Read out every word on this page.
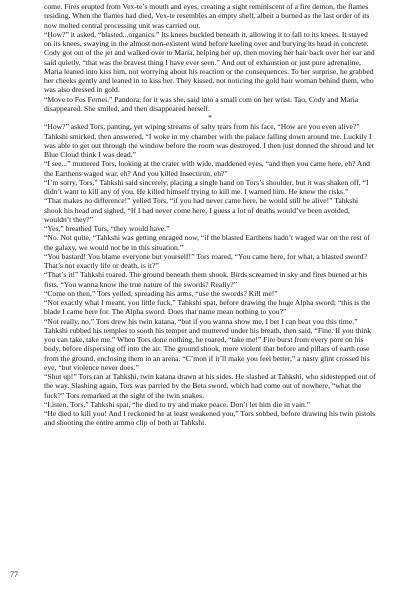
come. Fires erupted from Vex-te’s mouth and eyes, creating a sight reminiscent of a fire demon, the flames residing. When the flames had died, Vex-te resembles an empty shell, albeit a burned as the last order of its now melted central processing unit was carried out.

“How?” it asked, “blasted...organics.” Its knees buckled beneath it, allowing it to fall to its knees. It stayed on its knees, swaying in the almost non-existent wind before keeling over and burying its head in concrete. Cody got out of the jet and walked over to Maria, helping her up, then moving her hair back over her ear and said quietly, “that was the bravest thing I have ever seen.” And out of exhaustion or just pure adrenaline, Maria leaned into kiss him, not worrying about his reaction or the consequences. To her surprise, he grabbed her cheeks gently and leaned in to kiss her. They kissed, not noticing the gold hair woman behind them, who was also dressed in gold.

“Move to Fos Fernei.” Pandora, for it was she, said into a small com on her wrist. Tao, Cody and Maria disappeared. She smiled, and then disappeared herself.

*

“How?” asked Tors, panting, yet wiping streams of salty tears from his face, “How are you even alive?”

Tahkshi smirked, then answered, “I woke in my chamber with the palace falling down around me. Luckily I was able to get out through the window before the room was destroyed. I then just donned the shroud and let Blue Cloud think I was dead.”

“I see...” muttered Tors, looking at the crater with wide, maddened eyes, “and then you came here, eh? And the Earthens waged war, eh? And you killed Insectiron, eh?”

“I’m sorry, Tors,” Tahkshi said sincerely, placing a single hand on Tors’s shoulder, but it was shaken off, “I didn’t want to kill any of you. He killed himself trying to kill me. I warned him. He knew the risks.”

“That makes no difference!” yelled Tors, “if you had never came here, he would still be alive!” Tahkshi shook his head and sighed, “If I had never come here, I guess a lot of deaths would’ve been avoided, wouldn’t they?”

“Yes,” breathed Tors, “they would have.”

“No. Not quite, “Tahkshi was getting enraged now, “if the blasted Earthens hadn’t waged war on the rest of the galaxy, we would not be in this situation.”

“You bastard! You blame everyone but yourself!” Tors roared, “You came here, for what, a blasted sword? That’s not exactly life or death, is it?”

“That’s it!” Tahkshi roared. The ground beneath them shook. Birds screamed in sky and fires burned at his fists. “You wanna know the true nature of the swords? Really?”

“Come on then,” Tors yelled, spreading his arms, “use the swords? Kill me!”

“Not exactly what I meant, you little fuck,” Tahkshi spat, before drawing the huge Alpha sword; “this is the blade I came here for. The Alpha sword. Does that name mean nothing to you?”

“Not really, no,” Tors drew his twin katana, “but if you wanna show me, I bet I can beat you this time.”

Tahkshi rubbed his temples to sooth his temper and muttered under his breath, then said, “Fine. If you think you can take, take me.” When Tors done nothing, he roared, “take me!” Fire burst from every pore on his body, before dispersing off into the air. The ground shook, more violent that before and pillars of earth rose from the ground, enclosing them in an arena. “C’mon if it’ll make you feel better,” a nasty glint crossed his eye, “but violence never does.”

“Shut up!” Tors ran at Tahkshi, twin katana drawn at his sides. He slashed at Tahkshi, who sidestepped out of the way. Slashing again, Tors was parried by the Beta sword, which had come out of nowhere, “what the fuck?” Tors remarked at the sight of the twin snakes.

“Listen, Tors,” Tahkshi spat, “he died to try and make peace. Don’t let him die in vain.”

“He died to kill you! And I reckoned he at least weakened you,” Tors sobbed, before drawing his twin pistols and shooting the entire ammo clip of both at Tahkshi.

77
